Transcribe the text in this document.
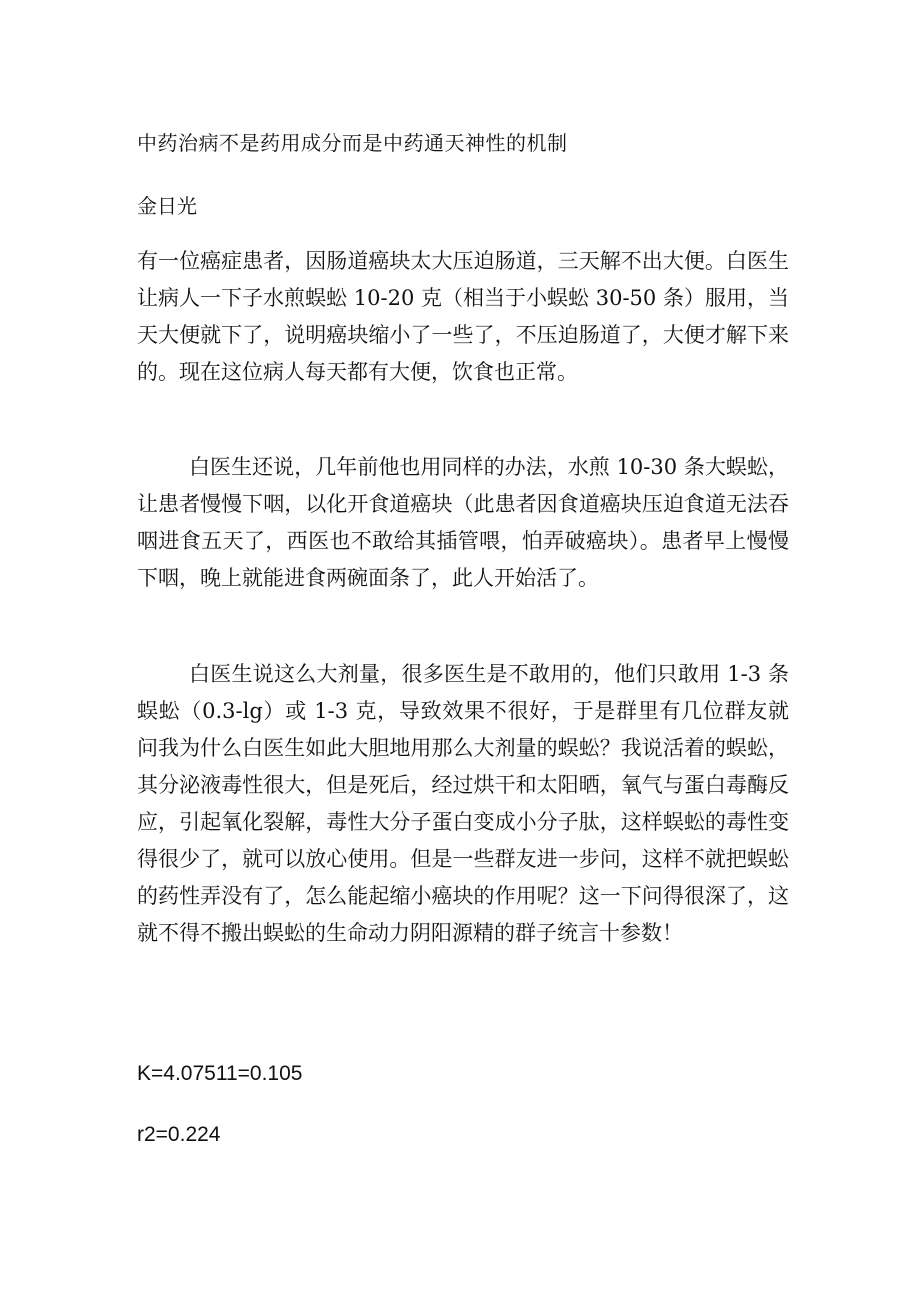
中药治病不是药用成分而是中药通天神性的机制
金日光

有一位癌症患者，因肠道癌块太大压迫肠道，三天解不出大便。白医生让病人一下子水煎蜈蚣 10-20 克（相当于小蜈蚣 30-50 条）服用，当天大便就下了，说明癌块缩小了一些了，不压迫肠道了，大便才解下来的。现在这位病人每天都有大便，饮食也正常。

白医生还说，几年前他也用同样的办法，水煎 10-30 条大蜈蚣，让患者慢慢下咽，以化开食道癌块（此患者因食道癌块压迫食道无法吞咽进食五天了，西医也不敢给其插管喂，怕弄破癌块）。患者早上慢慢下咽，晚上就能进食两碗面条了，此人开始活了。

白医生说这么大剂量，很多医生是不敢用的，他们只敢用 1-3 条蜈蚣（0.3-lg）或 1-3 克，导致效果不很好，于是群里有几位群友就问我为什么白医生如此大胆地用那么大剂量的蜈蚣？我说活着的蜈蚣，其分泌液毒性很大，但是死后，经过烘干和太阳晒，氧气与蛋白毒酶反应，引起氧化裂解，毒性大分子蛋白变成小分子肽，这样蜈蚣的毒性变得很少了，就可以放心使用。但是一些群友进一步问，这样不就把蜈蚣的药性弄没有了，怎么能起缩小癌块的作用呢？这一下问得很深了，这就不得不搬出蜈蚣的生命动力阴阳源精的群子统言十参数！

K=4.07511=0.105
r2=0.224
